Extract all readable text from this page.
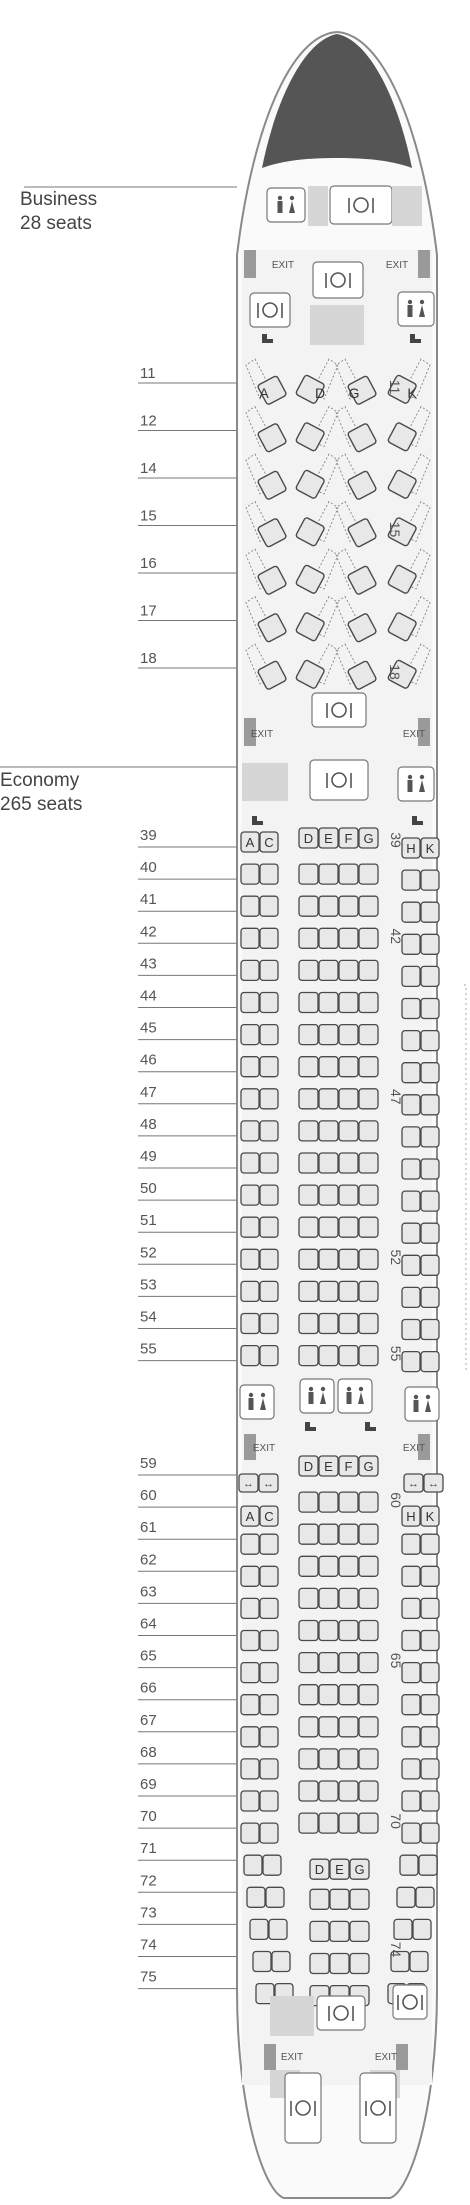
Business
28 seats
Economy
265 seats
EXIT	EXIT
11
A	D G	K
12
14
15
16
17
18
11
15
18
EXIT	EXIT
39	A C D E F G
H K
40
41
42
43
44
45
46
47
48
49
50
51
52
53
54
55
39
42
47
52
55
EXIT	EXIT
59
↔ ↔	↔ ↔
D E F G
60
A C	H K
61
62
63
64
65
66
67
68
69
70
71
D E G
72
73
74
75
60
65
70
74
EXIT	EXIT
